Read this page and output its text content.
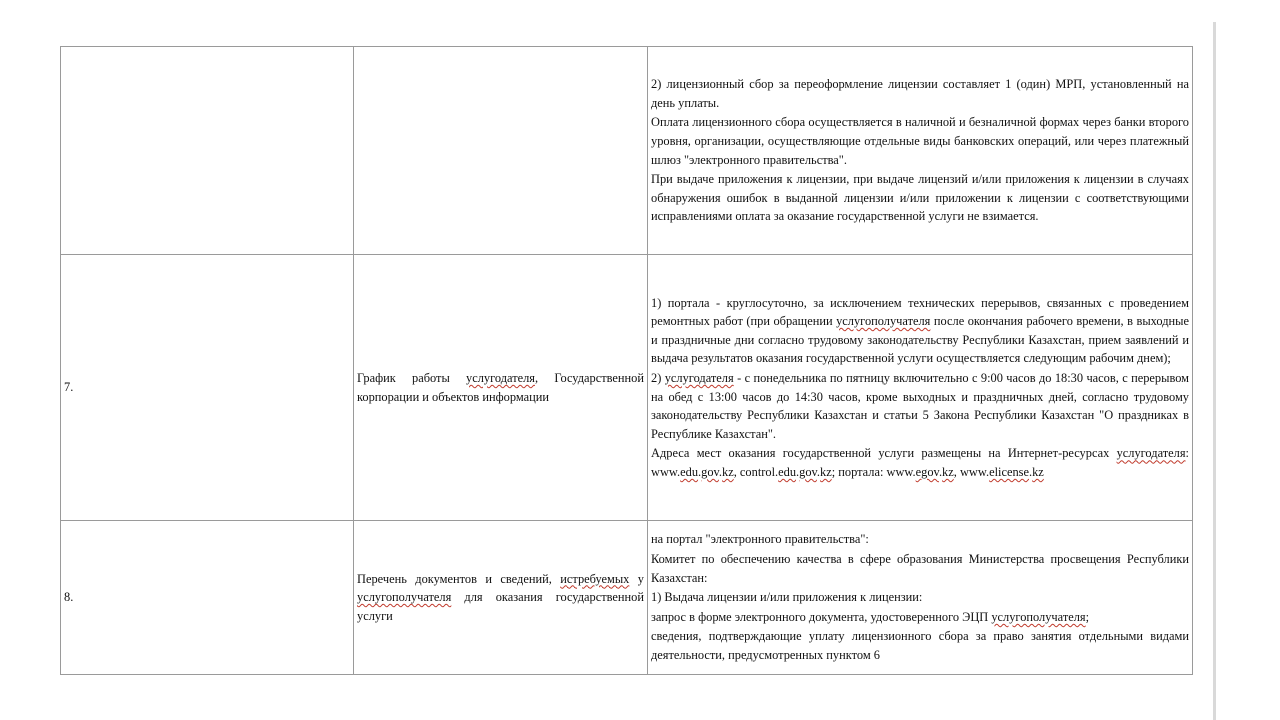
		2) лицензионный сбор за переоформление лицензии составляет 1 (один) МРП, установленный на день уплаты.

Оплата лицензионного сбора осуществляется в наличной и безналичной формах через банки второго уровня, организации, осуществляющие отдельные виды банковских операций, или через платежный шлюз "электронного правительства".

При выдаче приложения к лицензии, при выдаче лицензий и/или приложения к лицензии в случаях обнаружения ошибок в выданной лицензии и/или приложении к лицензии с соответствующими исправлениями оплата за оказание государственной услуги не взимается.

7.	График работы услугодателя, Государственной корпорации и объектов информации	1) портала - круглосуточно, за исключением технических перерывов, связанных с проведением ремонтных работ (при обращении услугополучателя после окончания рабочего времени, в выходные и праздничные дни согласно трудовому законодательству Республики Казахстан, прием заявлений и выдача результатов оказания государственной услуги осуществляется следующим рабочим днем);

2) услугодателя - с понедельника по пятницу включительно с 9:00 часов до 18:30 часов, с перерывом на обед с 13:00 часов до 14:30 часов, кроме выходных и праздничных дней, согласно трудовому законодательству Республики Казахстан и статьи 5 Закона Республики Казахстан "О праздниках в Республике Казахстан".

Адреса мест оказания государственной услуги размещены на Интернет-ресурсах услугодателя: www.edu.gov.kz, control.edu.gov.kz; портала: www.egov.kz, www.elicense.kz

8.	Перечень документов и сведений, истребуемых у услугополучателя для оказания государственной услуги	на портал "электронного правительства":

Комитет по обеспечению качества в сфере образования Министерства просвещения Республики Казахстан:

1) Выдача лицензии и/или приложения к лицензии:

запрос в форме электронного документа, удостоверенного ЭЦП услугополучателя;

сведения, подтверждающие уплату лицензионного сбора за право занятия отдельными видами деятельности, предусмотренных пунктом 6
